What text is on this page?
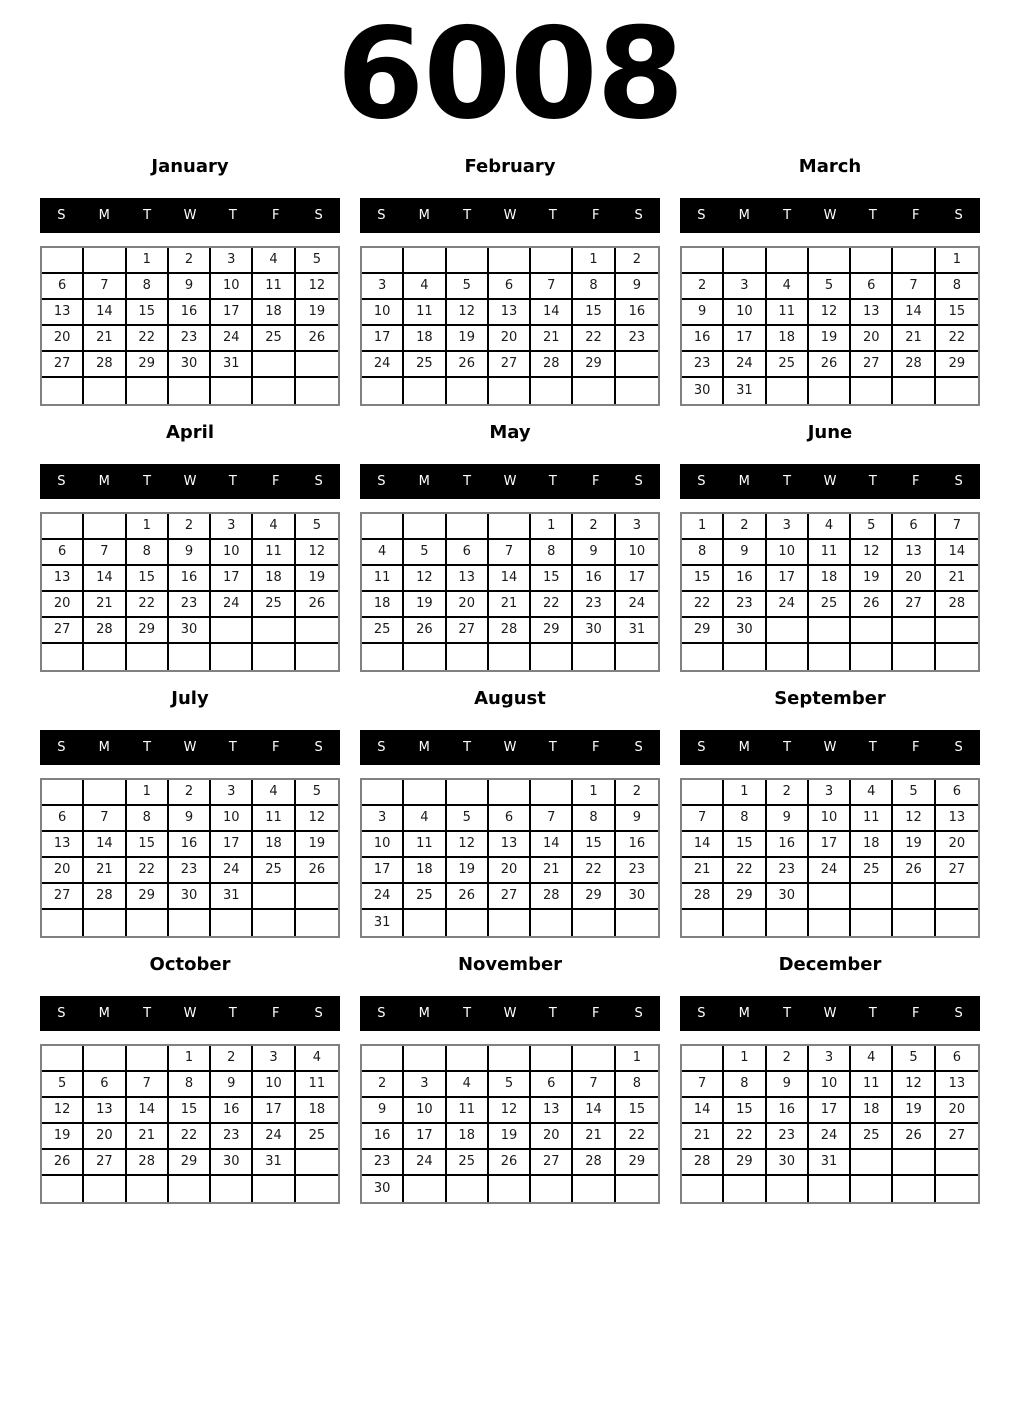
6008
January
S	M	T	W	T	F	S
		1	2	3	4	5
6	7	8	9	10	11	12
13	14	15	16	17	18	19
20	21	22	23	24	25	26
27	28	29	30	31		

February
S	M	T	W	T	F	S
					1	2
3	4	5	6	7	8	9
10	11	12	13	14	15	16
17	18	19	20	21	22	23
24	25	26	27	28	29	

March
S	M	T	W	T	F	S
						1
2	3	4	5	6	7	8
9	10	11	12	13	14	15
16	17	18	19	20	21	22
23	24	25	26	27	28	29
30	31					
April
S	M	T	W	T	F	S
		1	2	3	4	5
6	7	8	9	10	11	12
13	14	15	16	17	18	19
20	21	22	23	24	25	26
27	28	29	30			

May
S	M	T	W	T	F	S
				1	2	3
4	5	6	7	8	9	10
11	12	13	14	15	16	17
18	19	20	21	22	23	24
25	26	27	28	29	30	31

June
S	M	T	W	T	F	S
1	2	3	4	5	6	7
8	9	10	11	12	13	14
15	16	17	18	19	20	21
22	23	24	25	26	27	28
29	30					

July
S	M	T	W	T	F	S
		1	2	3	4	5
6	7	8	9	10	11	12
13	14	15	16	17	18	19
20	21	22	23	24	25	26
27	28	29	30	31		

August
S	M	T	W	T	F	S
					1	2
3	4	5	6	7	8	9
10	11	12	13	14	15	16
17	18	19	20	21	22	23
24	25	26	27	28	29	30
31						
September
S	M	T	W	T	F	S
	1	2	3	4	5	6
7	8	9	10	11	12	13
14	15	16	17	18	19	20
21	22	23	24	25	26	27
28	29	30				

October
S	M	T	W	T	F	S
			1	2	3	4
5	6	7	8	9	10	11
12	13	14	15	16	17	18
19	20	21	22	23	24	25
26	27	28	29	30	31	

November
S	M	T	W	T	F	S
						1
2	3	4	5	6	7	8
9	10	11	12	13	14	15
16	17	18	19	20	21	22
23	24	25	26	27	28	29
30						
December
S	M	T	W	T	F	S
	1	2	3	4	5	6
7	8	9	10	11	12	13
14	15	16	17	18	19	20
21	22	23	24	25	26	27
28	29	30	31			
